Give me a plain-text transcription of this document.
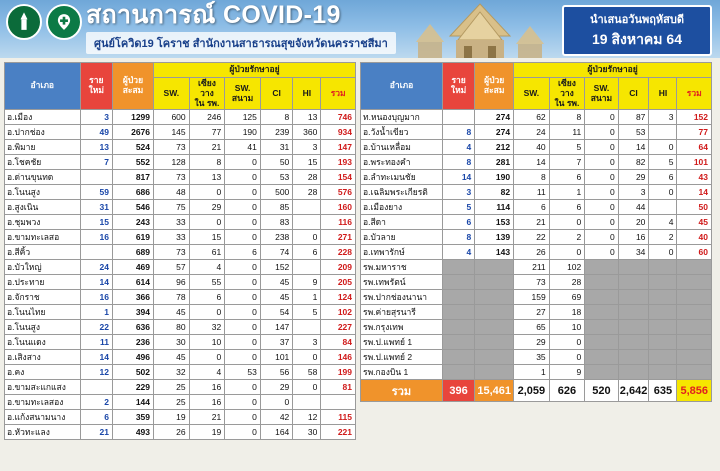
สถานการณ์ COVID-19
ศูนย์โควิด19 โคราช สำนักงานสาธารณสุขจังหวัดนครราชสีมา
นำเสนอวันพฤหัสบดี
19 สิงหาคม 64
อำเภอ	ราย
ใหม่	ผู้ป่วย
สะสม	ผู้ป่วยรักษาอยู่					
			SW.	เซียง
วาง
ใน รพ.	SW.
สนาม	CI	HI	รวม
อ.เมือง	3	1299	600	246	125	8	13	746
อ.ปากช่อง	49	2676	145	77	190	239	360	934
อ.พิมาย	13	524	73	21	41	31	3	147
อ.โชคชัย	7	552	128	8	0	50	15	193
อ.ด่านขุนทด		817	73	13	0	53	28	154
อ.โนนสูง	59	686	48	0	0	500	28	576
อ.สูงเนิน	31	546	75	29	0	85		160
อ.ชุมพวง	15	243	33	0	0	83		116
อ.ขามทะเลสอ	16	619	33	15	0	238	0	271
อ.สีคิ้ว		689	73	61	6	74	6	228
อ.บัวใหญ่	24	469	57	4	0	152		209
อ.ประทาย	14	614	96	55	0	45	9	205
อ.จักราช	16	366	78	6	0	45	1	124
อ.โนนไทย	1	394	45	0	0	54	5	102
อ.โนนสูง	22	636	80	32	0	147		227
อ.โนนแดง	11	236	30	10	0	37	3	84
อ.เสิงสาง	14	496	45	0	0	101	0	146
อ.คง	12	502	32	4	53	56	58	199
อ.ขามสะแกแสง		229	25	16	0	29	0	81
อ.ขามทะเลสอง	2	144	25	16	0	0		
อ.แก้งสนามนาง	6	359	19	21	0	42	12	115
อ.หัวทะแลง	21	493	26	19	0	164	30	221
อำเภอ	ราย
ใหม่	ผู้ป่วย
สะสม	ผู้ป่วยรักษาอยู่					
			SW.	เซียง
วาง
ใน รพ.	SW.
สนาม	CI	HI	รวม
ท.หนองบุญมาก		274	62	8	0	87	3	152
อ.วังน้ำเขียว	8	274	24	11	0	53		77
อ.บ้านเหลื่อม	4	212	40	5	0	14	0	64
อ.พระทองคำ	8	281	14	7	0	82	5	101
อ.ลำทะเมนชัย	14	190	8	6	0	29	6	43
อ.เฉลิมพระเกียรติ	3	82	11	1	0	3	0	14
อ.เมืองยาง	5	114	6	6	0	44		50
อ.สีดา	6	153	21	0	0	20	4	45
อ.บัวลาย	8	139	22	2	0	16	2	40
อ.เทพารักษ์	4	143	26	0	0	34	0	60
รพ.มหาราช			211	102				
รพ.เทพรัตน์			73	28				
รพ.ปากช่องนานา			159	69				
รพ.ค่ายสุรนารี			27	18				
รพ.กรุงเทพ			65	10				
รพ.ป.แพทย์ 1			29	0				
รพ.ป.แพทย์ 2			35	0				
รพ.กองบิน 1			1	9				
รวม	396	15,461	2,059	626	520	2,642	635	5,856
